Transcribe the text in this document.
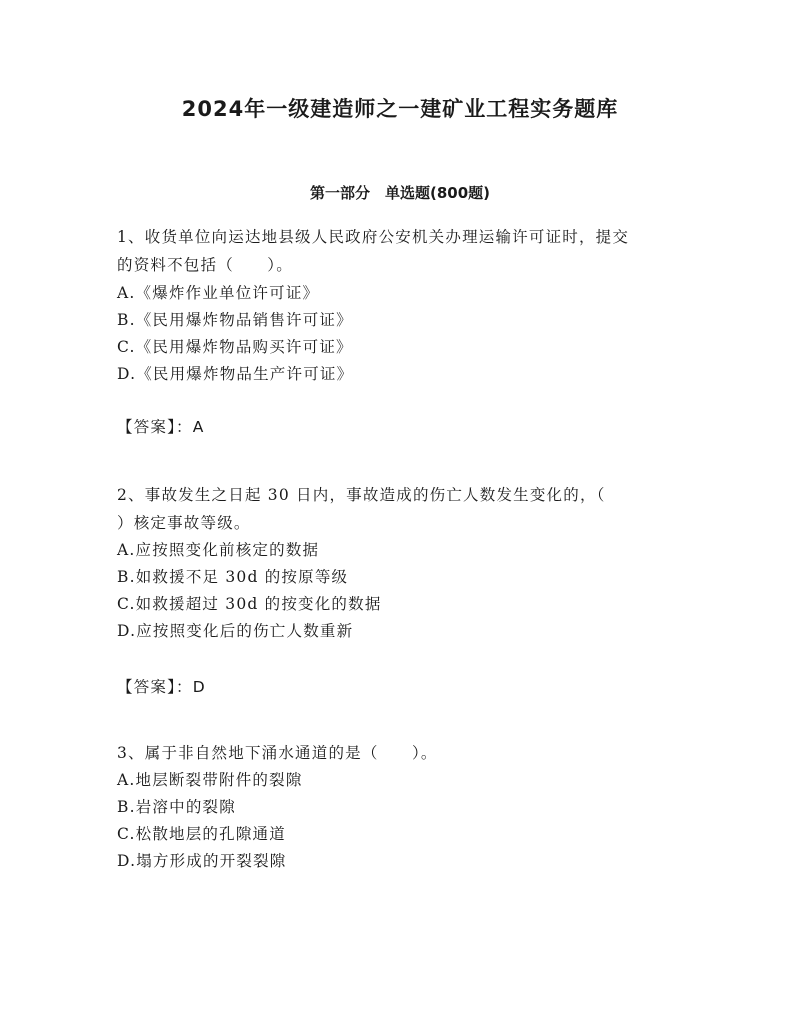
2024年一级建造师之一建矿业工程实务题库
第一部分　单选题(800题)
1、收货单位向运达地县级人民政府公安机关办理运输许可证时，提交
的资料不包括（　　）。
A.《爆炸作业单位许可证》
B.《民用爆炸物品销售许可证》
C.《民用爆炸物品购买许可证》
D.《民用爆炸物品生产许可证》
【答案】：A
2、事故发生之日起 30 日内，事故造成的伤亡人数发生变化的，（
）核定事故等级。
A.应按照变化前核定的数据
B.如救援不足 30d 的按原等级
C.如救援超过 30d 的按变化的数据
D.应按照变化后的伤亡人数重新
【答案】：D
3、属于非自然地下涌水通道的是（　　）。
A.地层断裂带附件的裂隙
B.岩溶中的裂隙
C.松散地层的孔隙通道
D.塌方形成的开裂裂隙
